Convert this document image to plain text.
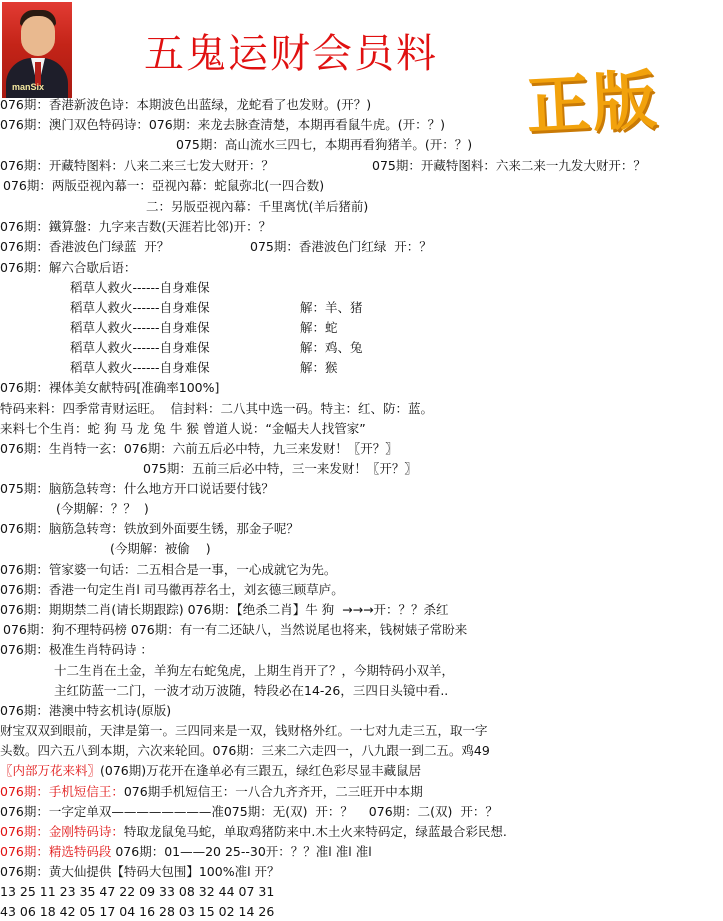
manSix
五鬼运财会员料
正版
076期：香港新波色诗：本期波色出蓝绿，龙蛇看了也发财。(开？)
076期：澳门双色特码诗：076期：来龙去脉查清楚，本期再看鼠牛虎。(开：？)
075期：高山流水三四七，本期再看狗猪羊。(开：？)
076期：开藏特图料：八来二来三七发大财开：？	075期：开藏特图料：六来二来一九发大财开：？
076期：两版亞视內幕一：亞视內幕：蛇鼠弥北(一四合数)
二：另版亞视內幕：千里离忧(羊后猪前)
076期：鐵算盤：九字来吉数(天涯若比邻)开：？
076期：香港波色门绿蓝  开？	075期：香港波色门红绿  开：？
076期：解六合歇后语：
稻草人救火------自身难保
稻草人救火------自身难保	解：羊、猪
稻草人救火------自身难保	解：蛇
稻草人救火------自身难保	解：鸡、兔
稻草人救火------自身难保	解：猴
076期：裸体美女献特码[准确率100%]
特码来料：四季常青财运旺。  信封料：二八其中选一码。特主：红、防：蓝。
来料七个生肖：蛇 狗 马 龙 兔 牛 猴 曾道人说：“金幅夫人找管家”
076期：生肖特一玄：076期：六前五后必中特，九三来发财！〖开？〗
075期：五前三后必中特，三一来发财！〖开？〗
075期：脑筋急转弯：什么地方开口说话要付钱？
(今期解：？？  )
076期：脑筋急转弯：铁放到外面要生锈，那金子呢？
(今期解：被偷    )
076期：管家婆一句话：二五相合是一事，一心成就它为先。
076期：香港一句定生肖l 司马徽再荐名士，刘玄德三顾草庐。
076期：期期禁二肖(请长期跟踪) 076期：【绝杀二肖】牛 狗  →→→开：？？杀红
076期：狗不理特码榜 076期：有一有二还缺八，当然说尾也将来，钱树婊子常盼来
076期：极准生肖特码诗 ：
十二生肖在土金，羊狗左右蛇兔虎，上期生肖开了？，今期特码小双羊，
主红防蓝一二门，一波才动万波随，特段必在14-26，三四日头镜中看..
076期：港澳中特玄机诗(原版)
财宝双双到眼前，天津是第一。三四同来是一双，钱财格外红。一七对九走三五，取一字
头数。四六五八到本期，六次来轮回。076期：三来二六走四一，八九跟一到二五。鸡49
〖内部万花来料〗(076期)万花开在逢单必有三跟五，绿红色彩尽显丰藏鼠居
076期：手机短信王：076期手机短信王：一八合九齐齐开，二三旺开中本期
076期：一字定单双————————准075期：无(双)  开：？    076期：二(双)  开：？
076期：金刚特码诗：特取龙鼠兔马蛇，单取鸡猪防来中.木土火来特码定，绿蓝最合彩民想.
076期：精选特码段 076期：01——20 25--30开：？？准l 准l 准l
076期：黄大仙提供【特码大包围】100%准l 开？
13 25 11 23 35 47 22 09 33 08 32 44 07 31
43 06 18 42 05 17 04 16 28 03 15 02 14 26
